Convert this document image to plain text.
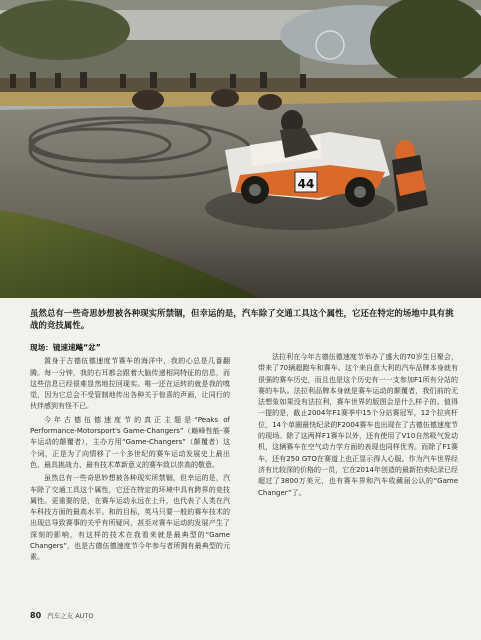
44
虽然总有一些奇思妙想被各种现实所禁锢，但幸运的是，汽车除了交通工具这个属性，它还在特定的场地中具有挑战的竞技属性。
现场：镜速速飚“忿”

置身于古德伍德速度节赛车的海洋中，我的心总是几番翻腾。每一分钟，我的右耳都会跟着大脑传递相同特征的信息，而这些信息已经很难显然地拉回现实。唯一还在运转的就是我的嗅觉，因为它总会不受管制地传出各种关于惊喜的声画，让同行的伙伴感到有怪不已。

今年古德伍德速度节的真正主题是“Peaks of Performance-Motorsport's Game-Changers”（巅峰性能-赛车运动的颠覆者），主办方用“Game-Changers”（颠覆者）这个词，正是为了向情移了一个多世纪的赛车运动发展史上最出色、最具挑战力、最有技术革新意义的赛车致以崇高的敬意。

虽然总有一些奇思妙想被各种现实所禁锢，但幸运的是，汽车除了交通工具这个属性，它还在特定的环境中具有跨界的竞技属性。更重要的是，在赛车运动永远在上升，也代表了人类在汽车科技方面的最高水平。和的目标，英马只要一般的赛车技术的出现总导致赛事的关乎有所疑问，甚至对赛车运动的发展产生了深刻的影响，有这样的技术在我看来就是最典型的“Game Changers”，也是古德伍德速度节今年参与者所拥有最典型的元素。

法拉利在今年古德伍德速度节举办了盛大的70岁生日聚会，带来了70辆超跑车和赛车。这个来自意大利的汽车品牌本身就有很强的赛车历史，而且也是这个历史有一一支参加F1所有分站的赛的车队。法拉利品牌本身就是赛车运动的颠覆者，我们前的无法想象如果没有法拉利，赛车世界的版图会是什么样子的。值得一提的是，截止2004年F1赛季中15个分站赛冠军，12个拉宾杆位，14个单圈最快纪录的F2004赛车也出现在了古德伍德速度节的现场。除了这两样F1赛车以外，还有使用了V10自然吸气发动机，这辆赛车在空气动力学方面的表现也同样优秀。而除了F1赛车，还有250 GTO在赛道上也正显示得人心服。作为汽车世界经济有比较深的价格的一员，它在2014年创造的最新拍卖纪录已经超过了3800万美元，也有赛车界和汽车收藏届公认的“Game Changer”了。

80 汽车之友 AUTO
